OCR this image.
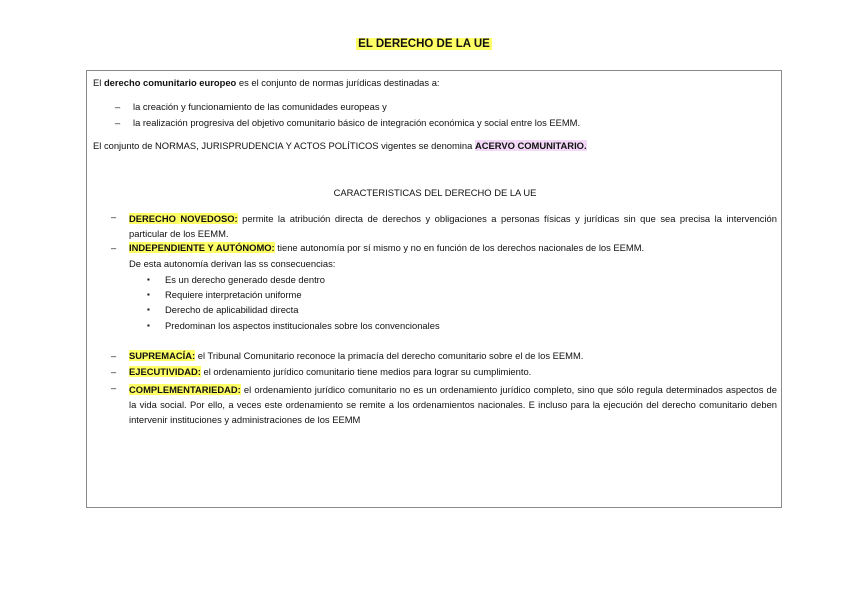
EL DERECHO DE LA UE
El derecho comunitario europeo es el conjunto de normas jurídicas destinadas a:
– la creación y funcionamiento de las comunidades europeas y
– la realización progresiva del objetivo comunitario básico de integración económica y social entre los EEMM.
El conjunto de NORMAS, JURISPRUDENCIA Y ACTOS POLÍTICOS vigentes se denomina ACERVO COMUNITARIO.
CARACTERISTICAS DEL DERECHO DE LA UE
– DERECHO NOVEDOSO: permite la atribución directa de derechos y obligaciones a personas físicas y jurídicas sin que sea precisa la intervención particular de los EEMM.
– INDEPENDIENTE Y AUTÓNOMO: tiene autonomía por sí mismo y no en función de los derechos nacionales de los EEMM.
De esta autonomía derivan las ss consecuencias:
▪ Es un derecho generado desde dentro
▪ Requiere interpretación uniforme
▪ Derecho de aplicabilidad directa
▪ Predominan los aspectos institucionales sobre los convencionales
– SUPREMACÍA: el Tribunal Comunitario reconoce la primacía del derecho comunitario sobre el de los EEMM.
– EJECUTIVIDAD: el ordenamiento jurídico comunitario tiene medios para lograr su cumplimiento.
– COMPLEMENTARIEDAD: el ordenamiento jurídico comunitario no es un ordenamiento jurídico completo, sino que sólo regula determinados aspectos de la vida social. Por ello, a veces este ordenamiento se remite a los ordenamientos nacionales. E incluso para la ejecución del derecho comunitario deben intervenir instituciones y administraciones de los EEMM
